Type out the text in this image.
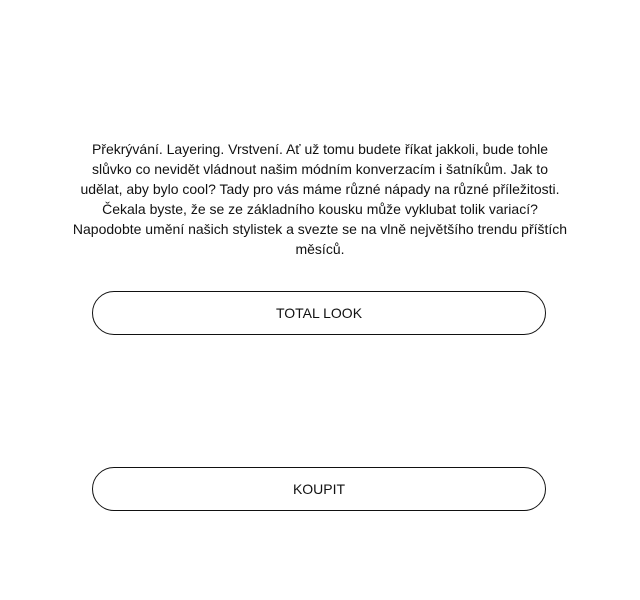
Překrývání. Layering. Vrstvení. Ať už tomu budete říkat jakkoli, bude tohle slůvko co nevidět vládnout našim módním konverzacím i šatníkům. Jak to udělat, aby bylo cool? Tady pro vás máme různé nápady na různé příležitosti. Čekala byste, že se ze základního kousku může vyklubat tolik variací? Napodobte umění našich stylistek a svezte se na vlně největšího trendu příštích měsíců.

TOTAL LOOK
KOUPIT
